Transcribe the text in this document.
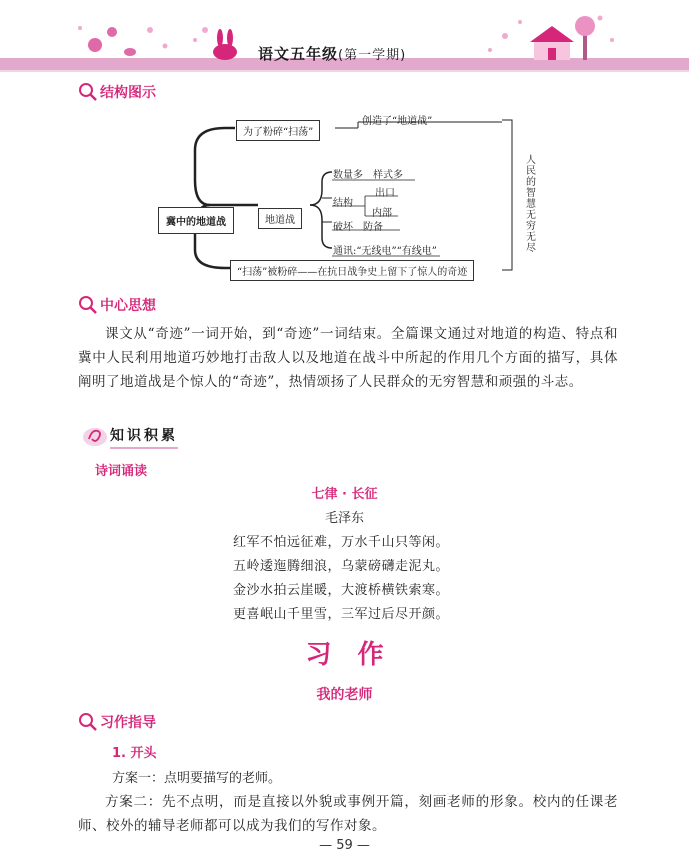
语文五年级(第一学期)
结构图示
为了粉碎“扫荡”
创造了“地道战”
冀中的地道战	地道战
数量多　样式多
结构
出口
内部
破坏　防备
通讯:“无线电”“有线电”
“扫荡”被粉碎——在抗日战争史上留下了惊人的奇迹
人民的智慧无穷无尽
中心思想
课文从“奇迹”一词开始，到“奇迹”一词结束。全篇课文通过对地道的构造、特点和冀中人民利用地道巧妙地打击敌人以及地道在战斗中所起的作用几个方面的描写，具体阐明了地道战是个惊人的“奇迹”，热情颂扬了人民群众的无穷智慧和顽强的斗志。
知识积累
诗词诵读
七律 · 长征
毛泽东
红军不怕远征难，万水千山只等闲。
五岭逶迤腾细浪，乌蒙磅礴走泥丸。
金沙水拍云崖暖，大渡桥横铁索寒。
更喜岷山千里雪，三军过后尽开颜。
习　作
我的老师
习作指导
1. 开头
方案一：点明要描写的老师。
方案二：先不点明，而是直接以外貌或事例开篇，刻画老师的形象。校内的任课老师、校外的辅导老师都可以成为我们的写作对象。
— 59 —
